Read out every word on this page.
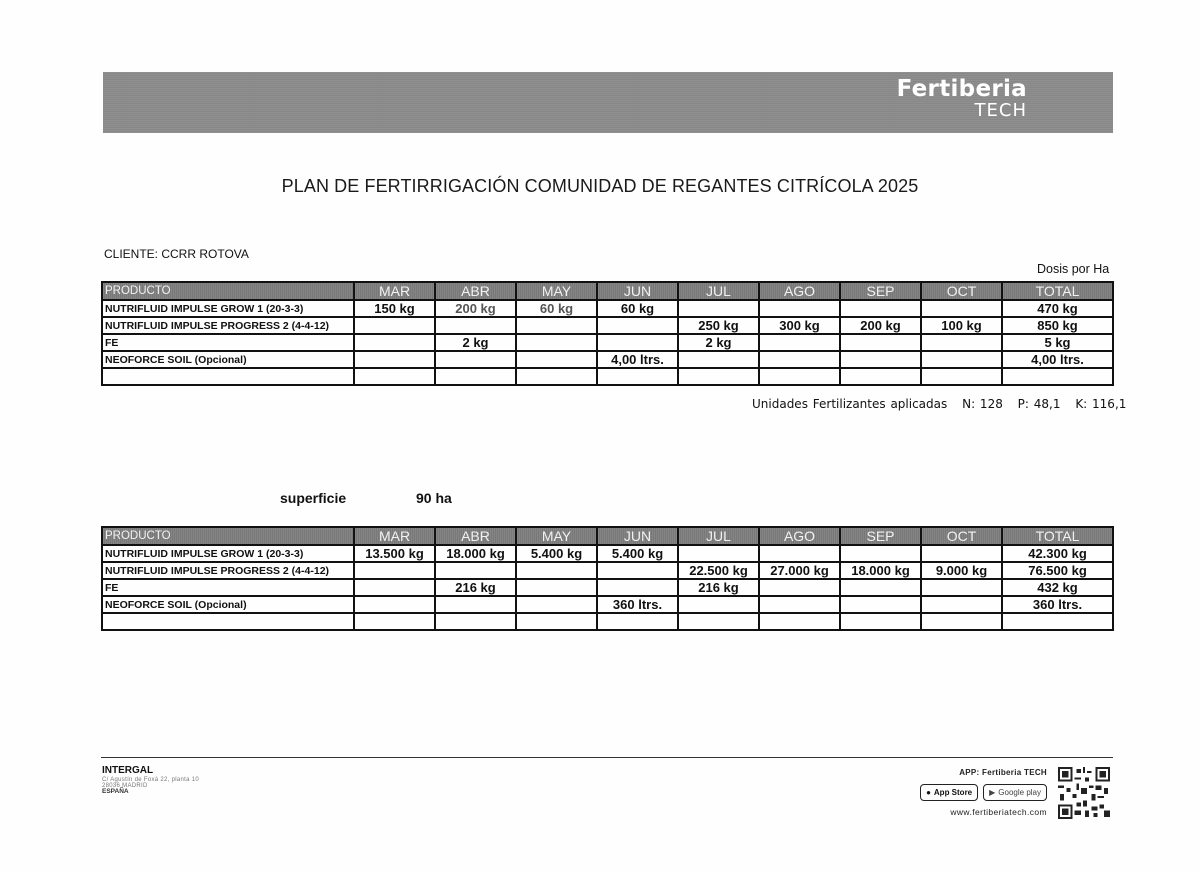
Fertiberia
TECH
PLAN DE FERTIRRIGACIÓN COMUNIDAD DE REGANTES CITRÍCOLA 2025
CLIENTE: CCRR ROTOVA
Dosis por Ha
PRODUCTO	MAR	ABR	MAY	JUN	JUL	AGO	SEP	OCT	TOTAL
NUTRIFLUID IMPULSE GROW 1 (20-3-3)	150 kg	200 kg	60 kg	60 kg					470 kg
NUTRIFLUID IMPULSE PROGRESS 2 (4-4-12)					250 kg	300 kg	200 kg	100 kg	850 kg
FE		2 kg			2 kg				5 kg
NEOFORCE SOIL (Opcional)				4,00 ltrs.					4,00 ltrs.

Unidades Fertilizantes aplicadas N: 128 P: 48,1 K: 116,1
superficie	90 ha
PRODUCTO	MAR	ABR	MAY	JUN	JUL	AGO	SEP	OCT	TOTAL
NUTRIFLUID IMPULSE GROW 1 (20-3-3)	13.500 kg	18.000 kg	5.400 kg	5.400 kg					42.300 kg
NUTRIFLUID IMPULSE PROGRESS 2 (4-4-12)					22.500 kg	27.000 kg	18.000 kg	9.000 kg	76.500 kg
FE		216 kg			216 kg				432 kg
NEOFORCE SOIL (Opcional)				360 ltrs.					360 ltrs.

INTERGAL
C/ Agustín de Foxá 22, planta 10
28036 MADRID
ESPAÑA
APP: Fertiberia TECH
● App Store ▶ Google play
www.fertiberiatech.com
